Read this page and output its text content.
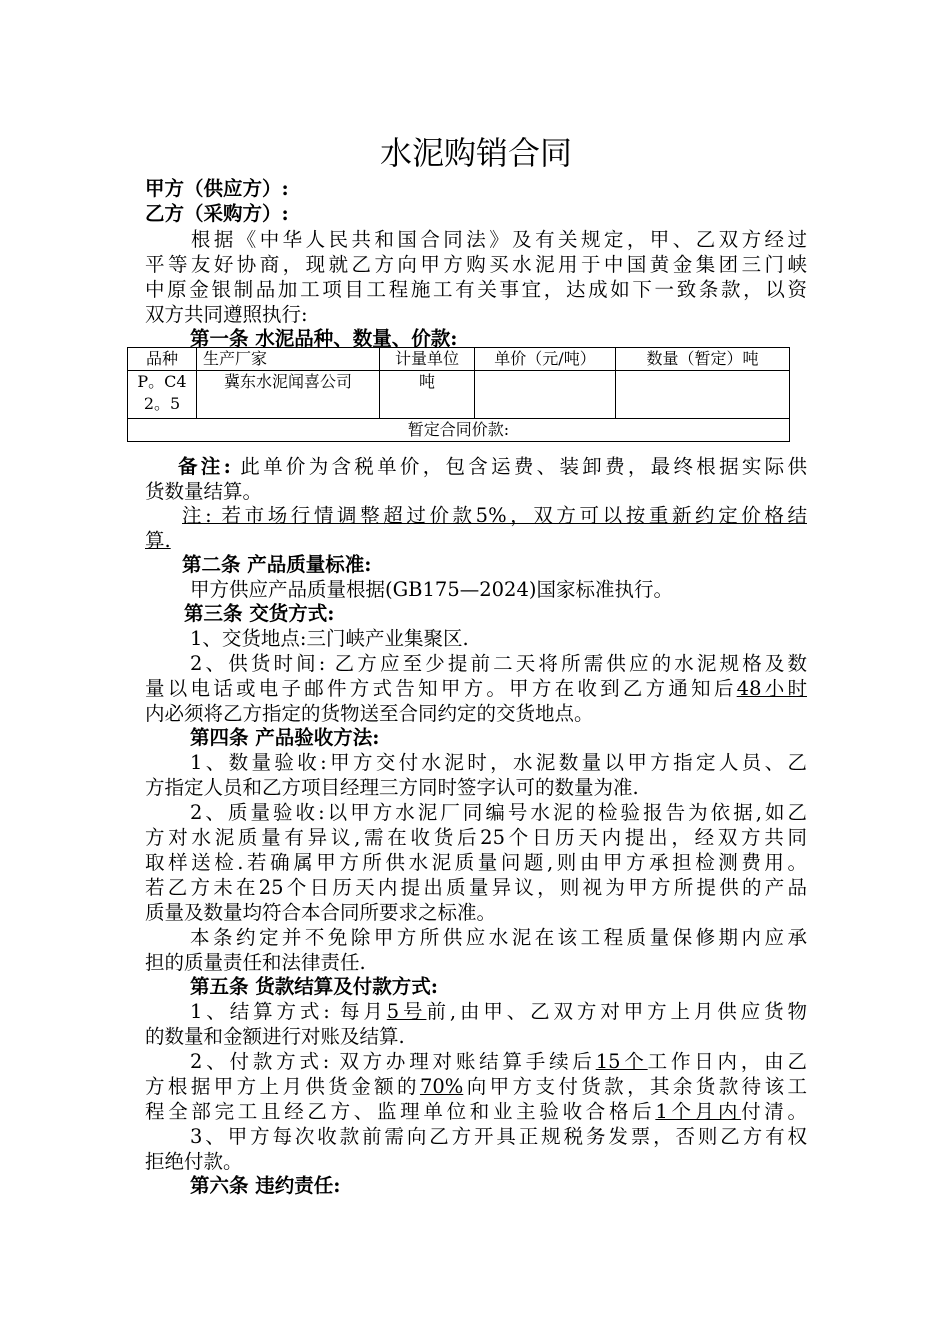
水泥购销合同
甲方（供应方）:
乙方（采购方）:
　　根据《中华人民共和国合同法》及有关规定，甲、乙双方经过
平等友好协商，现就乙方向甲方购买水泥用于中国黄金集团三门峡
中原金银制品加工项目工程施工有关事宜，达成如下一致条款，以资
双方共同遵照执行:
第一条 水泥品种、数量、价款:
品种	生产厂家	计量单位	单价（元/吨）	数量（暂定）吨
P。C42。5	冀东水泥闻喜公司	吨		
暂定合同价款:				
备注: 此单价为含税单价，包含运费、装卸费，最终根据实际供
货数量结算。
注: 若市场行情调整超过价款5%，双方可以按重新约定价格结
算.
第二条 产品质量标准:
甲方供应产品质量根据(GB175—2024)国家标准执行。
第三条 交货方式:
1、交货地点:三门峡产业集聚区.
2、供货时间: 乙方应至少提前二天将所需供应的水泥规格及数
量以电话或电子邮件方式告知甲方。甲方在收到乙方通知后48小时
内必须将乙方指定的货物送至合同约定的交货地点。
第四条 产品验收方法:
1、数量验收:甲方交付水泥时，水泥数量以甲方指定人员、乙
方指定人员和乙方项目经理三方同时签字认可的数量为准.
2、质量验收:以甲方水泥厂同编号水泥的检验报告为依据,如乙
方对水泥质量有异议,需在收货后25个日历天内提出，经双方共同
取样送检.若确属甲方所供水泥质量问题,则由甲方承担检测费用。
若乙方未在25个日历天内提出质量异议，则视为甲方所提供的产品
质量及数量均符合本合同所要求之标准。
本条约定并不免除甲方所供应水泥在该工程质量保修期内应承
担的质量责任和法律责任.
第五条 货款结算及付款方式:
1、结算方式: 每月5号前,由甲、乙双方对甲方上月供应货物
的数量和金额进行对账及结算.
2、付款方式: 双方办理对账结算手续后15个工作日内，由乙
方根据甲方上月供货金额的70%向甲方支付货款，其余货款待该工
程全部完工且经乙方、监理单位和业主验收合格后1个月内付清。
3、甲方每次收款前需向乙方开具正规税务发票，否则乙方有权
拒绝付款。
第六条 违约责任:
